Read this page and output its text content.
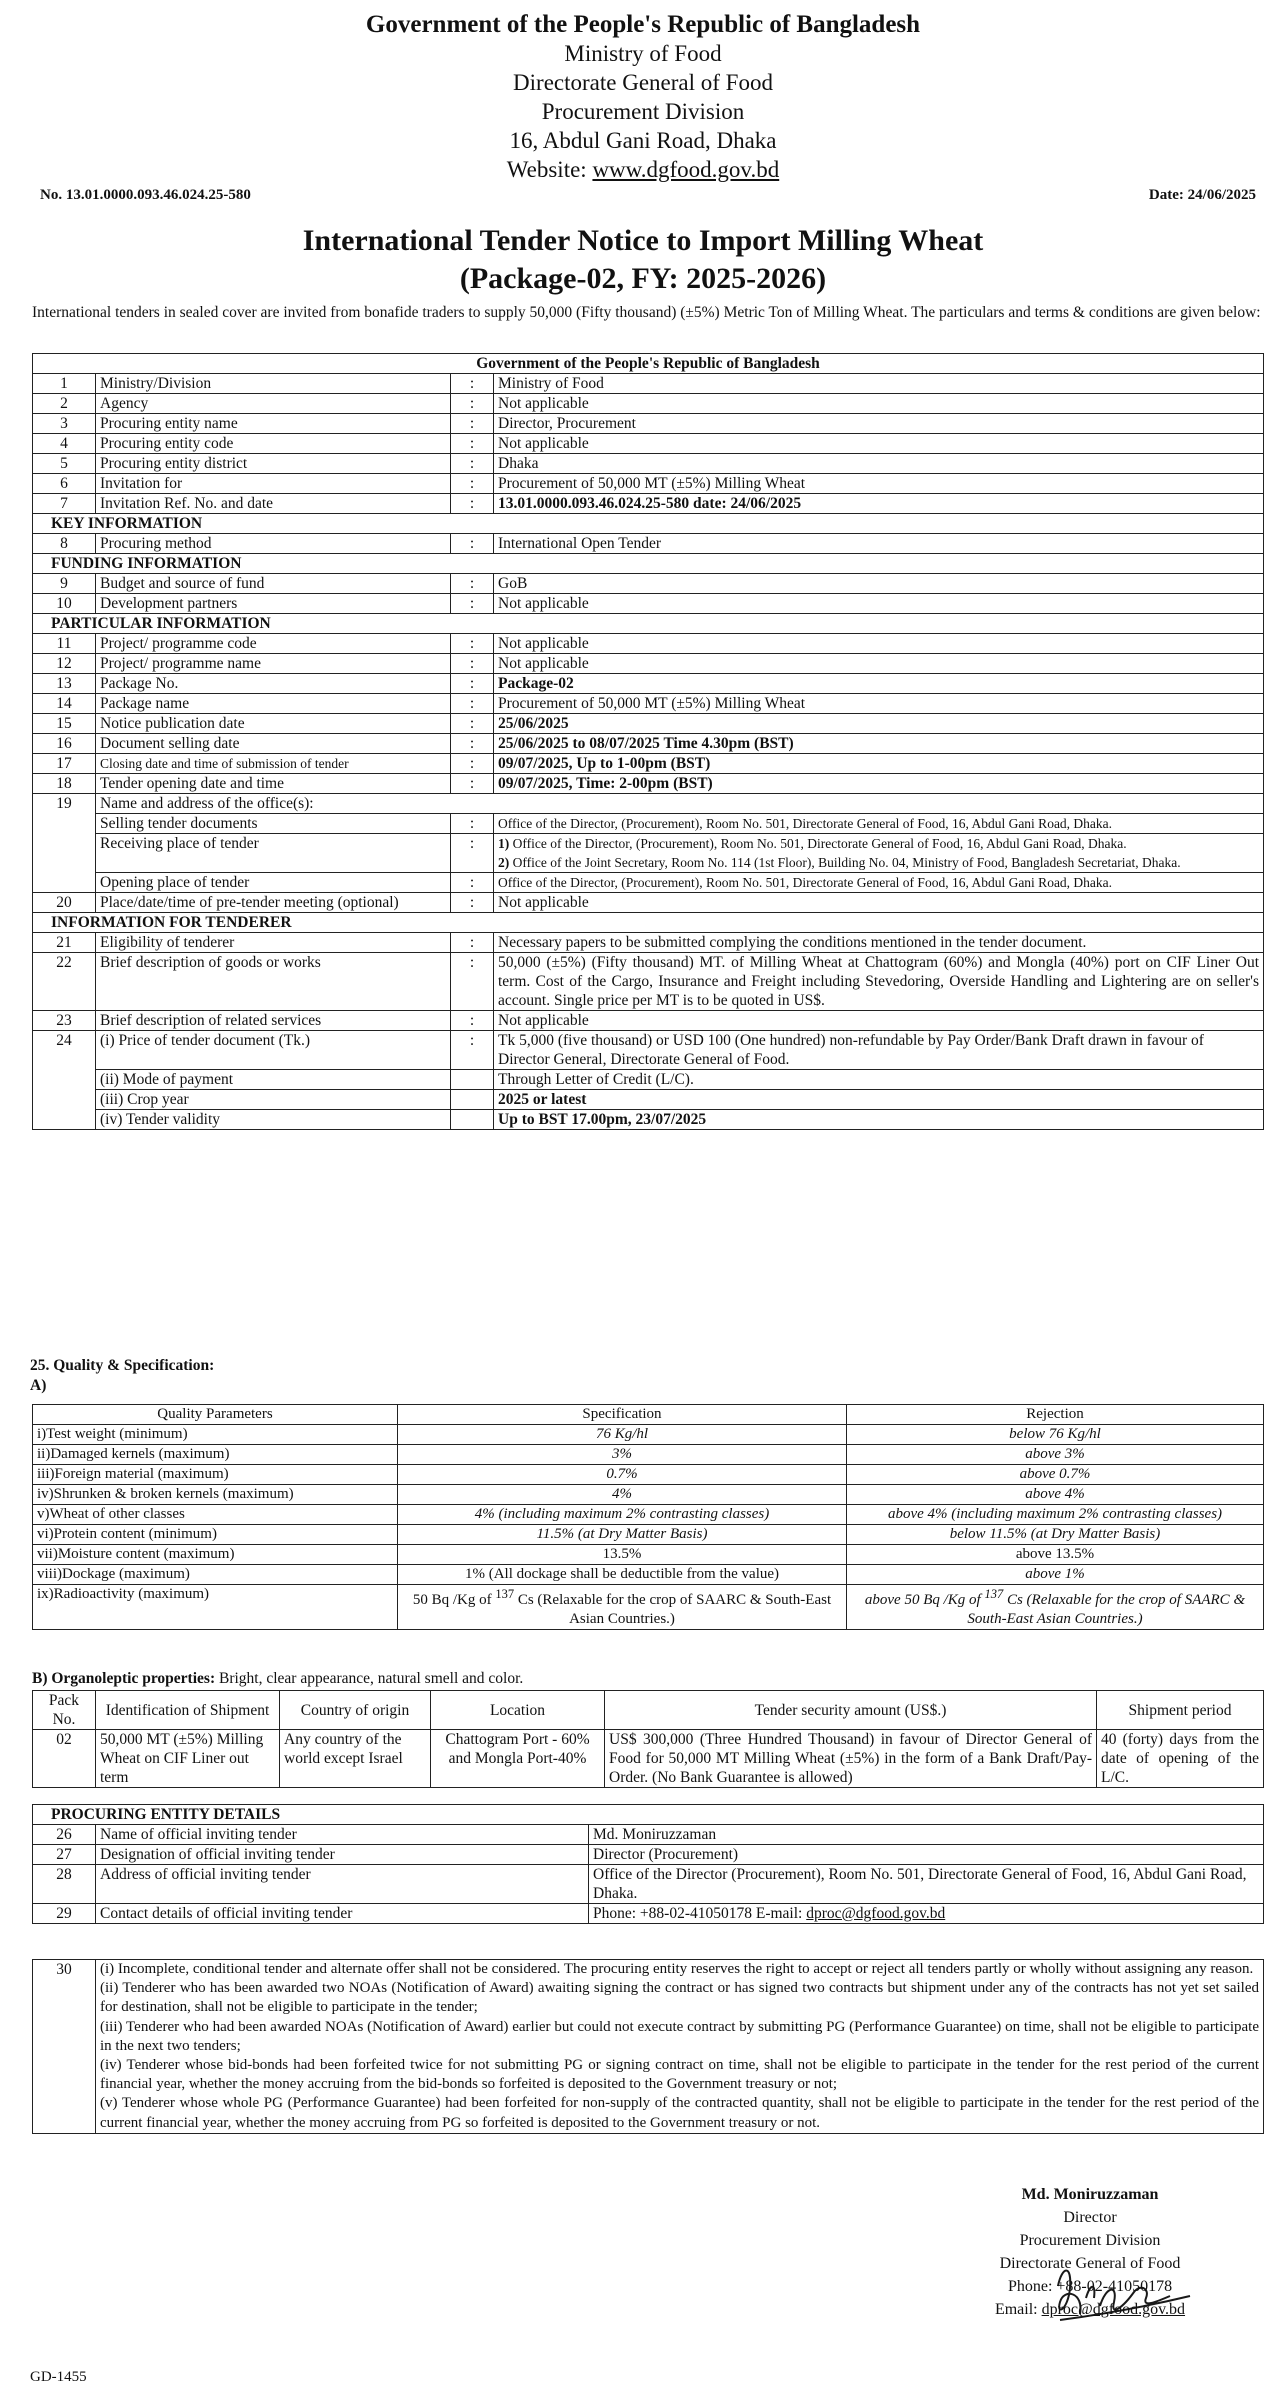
Government of the People's Republic of Bangladesh
Ministry of Food
Directorate General of Food
Procurement Division
16, Abdul Gani Road, Dhaka
Website: www.dgfood.gov.bd
No. 13.01.0000.093.46.024.25-580	Date: 24/06/2025
International Tender Notice to Import Milling Wheat
(Package-02, FY: 2025-2026)
International tenders in sealed cover are invited from bonafide traders to supply 50,000 (Fifty thousand) (±5%) Metric Ton of Milling Wheat. The particulars and terms & conditions are given below:
Government of the People's Republic of Bangladesh			
1	Ministry/Division	:	Ministry of Food
2	Agency	:	Not applicable
3	Procuring entity name	:	Director, Procurement
4	Procuring entity code	:	Not applicable
5	Procuring entity district	:	Dhaka
6	Invitation for	:	Procurement of 50,000 MT (±5%) Milling Wheat
7	Invitation Ref. No. and date	:	13.01.0000.093.46.024.25-580 date: 24/06/2025
KEY INFORMATION			
8	Procuring method	:	International Open Tender
FUNDING INFORMATION			
9	Budget and source of fund	:	GoB
10	Development partners	:	Not applicable
PARTICULAR INFORMATION			
11	Project/ programme code	:	Not applicable
12	Project/ programme name	:	Not applicable
13	Package No.	:	Package-02
14	Package name	:	Procurement of 50,000 MT (±5%) Milling Wheat
15	Notice publication date	:	25/06/2025
16	Document selling date	:	25/06/2025 to 08/07/2025 Time 4.30pm (BST)
17	Closing date and time of submission of tender	:	09/07/2025, Up to 1-00pm (BST)
18	Tender opening date and time	:	09/07/2025, Time: 2-00pm (BST)
19	Name and address of the office(s):		
	Selling tender documents	:	Office of the Director, (Procurement), Room No. 501, Directorate General of Food, 16, Abdul Gani Road, Dhaka.
	Receiving place of tender	:	1) Office of the Director, (Procurement), Room No. 501, Directorate General of Food, 16, Abdul Gani Road, Dhaka.
2) Office of the Joint Secretary, Room No. 114 (1st Floor), Building No. 04, Ministry of Food, Bangladesh Secretariat, Dhaka.

	Opening place of tender	:	Office of the Director, (Procurement), Room No. 501, Directorate General of Food, 16, Abdul Gani Road, Dhaka.
20	Place/date/time of pre-tender meeting (optional)	:	Not applicable
INFORMATION FOR TENDERER			
21	Eligibility of tenderer	:	Necessary papers to be submitted complying the conditions mentioned in the tender document.
22	Brief description of goods or works	:	50,000 (±5%) (Fifty thousand) MT. of Milling Wheat at Chattogram (60%) and Mongla (40%) port on CIF Liner Out term. Cost of the Cargo, Insurance and Freight including Stevedoring, Overside Handling and Lightering are on seller's account. Single price per MT is to be quoted in US$.
23	Brief description of related services	:	Not applicable
24	(i) Price of tender document (Tk.)	:	Tk 5,000 (five thousand) or USD 100 (One hundred) non-refundable by Pay Order/Bank Draft drawn in favour of Director General, Directorate General of Food.
	(ii) Mode of payment		Through Letter of Credit (L/C).
	(iii) Crop year		2025 or latest
	(iv) Tender validity		Up to BST 17.00pm, 23/07/2025
25. Quality & Specification:
A)
Quality Parameters	Specification	Rejection
i)Test weight (minimum)	76 Kg/hl	below 76 Kg/hl
ii)Damaged kernels (maximum)	3%	above 3%
iii)Foreign material (maximum)	0.7%	above 0.7%
iv)Shrunken & broken kernels (maximum)	4%	above 4%
v)Wheat of other classes	4% (including maximum 2% contrasting classes)	above 4% (including maximum 2% contrasting classes)
vi)Protein content (minimum)	11.5% (at Dry Matter Basis)	below 11.5% (at Dry Matter Basis)
vii)Moisture content (maximum)	13.5%	above 13.5%
viii)Dockage (maximum)	1% (All dockage shall be deductible from the value)	above 1%
ix)Radioactivity (maximum)	50 Bq /Kg of $^{137}$ Cs (Relaxable for the crop of SAARC & South-East Asian Countries.)	above 50 Bq /Kg of $^{137}$ Cs (Relaxable for the crop of SAARC & South-East Asian Countries.)
B) Organoleptic properties: Bright, clear appearance, natural smell and color.
Pack No.	Identification of Shipment	Country of origin	Location	Tender security amount (US$.)	Shipment period
02	50,000 MT (±5%) Milling Wheat on CIF Liner out term	Any country of the world except Israel	Chattogram Port - 60% and Mongla Port-40%	US$ 300,000 (Three Hundred Thousand) in favour of Director General of Food for 50,000 MT Milling Wheat (±5%) in the form of a Bank Draft/Pay-Order. (No Bank Guarantee is allowed)	40 (forty) days from the date of opening of the L/C.
PROCURING ENTITY DETAILS		
26	Name of official inviting tender	Md. Moniruzzaman
27	Designation of official inviting tender	Director (Procurement)
28	Address of official inviting tender	Office of the Director (Procurement), Room No. 501, Directorate General of Food, 16, Abdul Gani Road, Dhaka.
29	Contact details of official inviting tender	Phone: +88-02-41050178 E-mail: dproc@dgfood.gov.bd
30	(i) Incomplete, conditional tender and alternate offer shall not be considered. The procuring entity reserves the right to accept or reject all tenders partly or wholly without assigning any reason.
(ii) Tenderer who has been awarded two NOAs (Notification of Award) awaiting signing the contract or has signed two contracts but shipment under any of the contracts has not yet set sailed for destination, shall not be eligible to participate in the tender;
(iii) Tenderer who had been awarded NOAs (Notification of Award) earlier but could not execute contract by submitting PG (Performance Guarantee) on time, shall not be eligible to participate in the next two tenders;
(iv) Tenderer whose bid-bonds had been forfeited twice for not submitting PG or signing contract on time, shall not be eligible to participate in the tender for the rest period of the current financial year, whether the money accruing from the bid-bonds so forfeited is deposited to the Government treasury or not;
(v) Tenderer whose whole PG (Performance Guarantee) had been forfeited for non-supply of the contracted quantity, shall not be eligible to participate in the tender for the rest period of the current financial year, whether the money accruing from PG so forfeited is deposited to the Government treasury or not.
Md. Moniruzzaman
Director
Procurement Division
Directorate General of Food
Phone: +88-02-41050178
Email: dproc@dgfood.gov.bd
GD-1455
